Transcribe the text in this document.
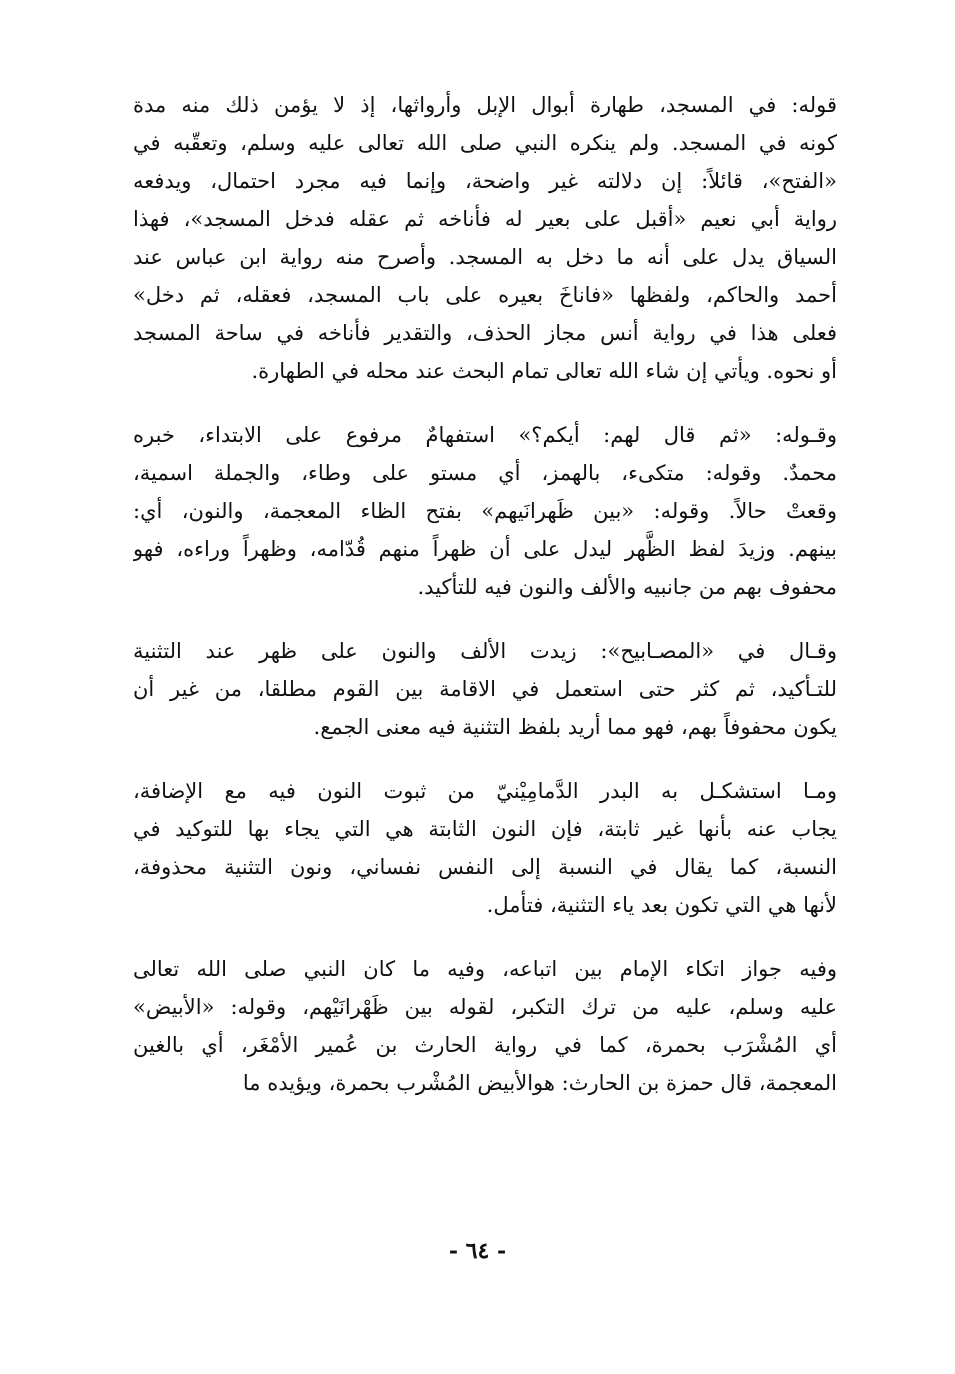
قوله: في المسجد، طهارة أبوال الإبل وأرواثها، إذ لا يؤمن ذلك منه مدة
كونه في المسجد. ولم ينكره النبي صلى الله تعالى عليه وسلم، وتعقّبه في
«الفتح»، قائلاً: إن دلالته غير واضحة، وإنما فيه مجرد احتمال، ويدفعه
رواية أبي نعيم «أقبل على بعير له فأناخه ثم عقله فدخل المسجد»، فهذا
السياق يدل على أنه ما دخل به المسجد. وأصرح منه رواية ابن عباس عند
أحمد والحاكم، ولفظها «فاناخَ بعيره على باب المسجد، فعقله، ثم دخل»
فعلى هذا في رواية أنس مجاز الحذف، والتقدير فأناخه في ساحة المسجد
أو نحوه. ويأتي إن شاء الله تعالى تمام البحث عند محله في الطهارة.
وقـوله: «ثم قال لهم: أيكم؟» استفهامٌ مرفوع على الابتداء، خبره
محمدٌ. وقوله: متكىء، بالهمز، أي مستو على وطاء، والجملة اسمية،
وقعتْ حالاً. وقوله: «بين ظَهرانَيهم» بفتح الظاء المعجمة، والنون، أي:
بينهم. وزيدَ لفظ الظَّهر ليدل على أن ظهراً منهم قُدّامه، وظهراً وراءه، فهو
محفوف بهم من جانبيه والألف والنون فيه للتأكيد.
وقـال في «المصـابيح»: زيدت الألف والنون على ظهر عند التثنية
للتـأكيد، ثم كثر حتى استعمل في الاقامة بين القوم مطلقا، من غير أن
يكون محفوفاً بهم، فهو مما أريد بلفظ التثنية فيه معنى الجمع.
ومـا استشكـل به البدر الدَّمامِيْنيّ من ثبوت النون فيه مع الإضافة،
يجاب عنه بأنها غير ثابتة، فإن النون الثابتة هي التي يجاء بها للتوكيد في
النسبة، كما يقال في النسبة إلى النفس نفساني، ونون التثنية محذوفة،
لأنها هي التي تكون بعد ياء التثنية، فتأمل.
وفيه جواز اتكاء الإمام بين اتباعه، وفيه ما كان النبي صلى الله تعالى
عليه وسلم، عليه من ترك التكبر، لقوله بين ظَهْرانَيْهم، وقوله: «الأبيض»
أي المُشْرَب بحمرة، كما في رواية الحارث بن عُمير الأمْغَر، أي بالغين
المعجمة، قال حمزة بن الحارث: هوالأبيض المُشْرب بحمرة، ويؤيده ما
- ٦٤ -
